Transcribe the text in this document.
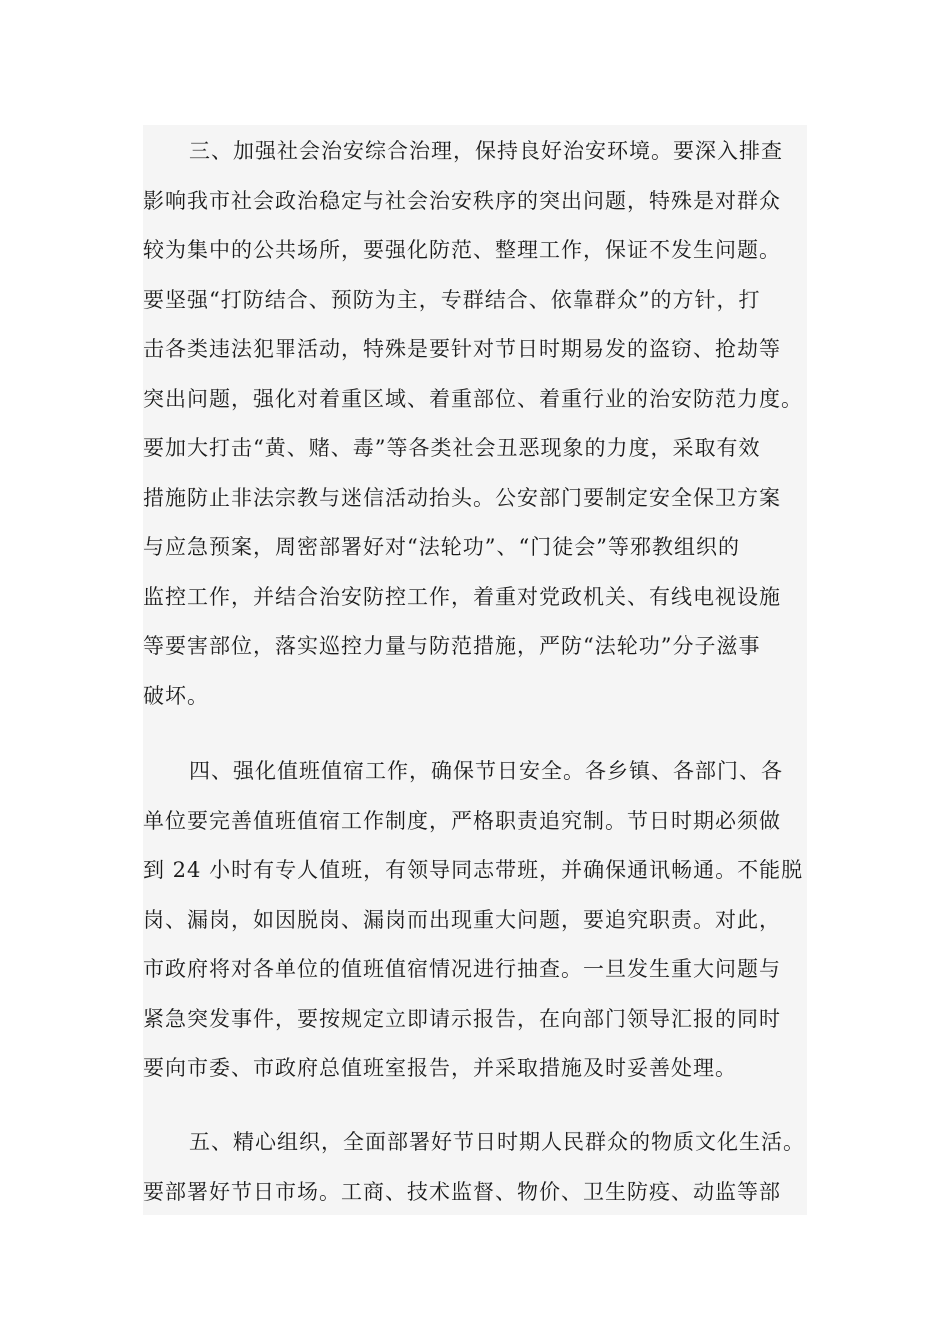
三、加强社会治安综合治理，保持良好治安环境。要深入排查
影响我市社会政治稳定与社会治安秩序的突出问题，特殊是对群众
较为集中的公共场所，要强化防范、整理工作，保证不发生问题。
要坚强“打防结合、预防为主，专群结合、依靠群众”的方针，打
击各类违法犯罪活动，特殊是要针对节日时期易发的盗窃、抢劫等
突出问题，强化对着重区域、着重部位、着重行业的治安防范力度。
要加大打击“黄、赌、毒”等各类社会丑恶现象的力度，采取有效
措施防止非法宗教与迷信活动抬头。公安部门要制定安全保卫方案
与应急预案，周密部署好对“法轮功”、“门徒会”等邪教组织的
监控工作，并结合治安防控工作，着重对党政机关、有线电视设施
等要害部位，落实巡控力量与防范措施，严防“法轮功”分子滋事
破坏。
四、强化值班值宿工作，确保节日安全。各乡镇、各部门、各
单位要完善值班值宿工作制度，严格职责追究制。节日时期必须做
到 24 小时有专人值班，有领导同志带班，并确保通讯畅通。不能脱
岗、漏岗，如因脱岗、漏岗而出现重大问题，要追究职责。对此，
市政府将对各单位的值班值宿情况进行抽查。一旦发生重大问题与
紧急突发事件，要按规定立即请示报告，在向部门领导汇报的同时
要向市委、市政府总值班室报告，并采取措施及时妥善处理。
五、精心组织，全面部署好节日时期人民群众的物质文化生活。
要部署好节日市场。工商、技术监督、物价、卫生防疫、动监等部
